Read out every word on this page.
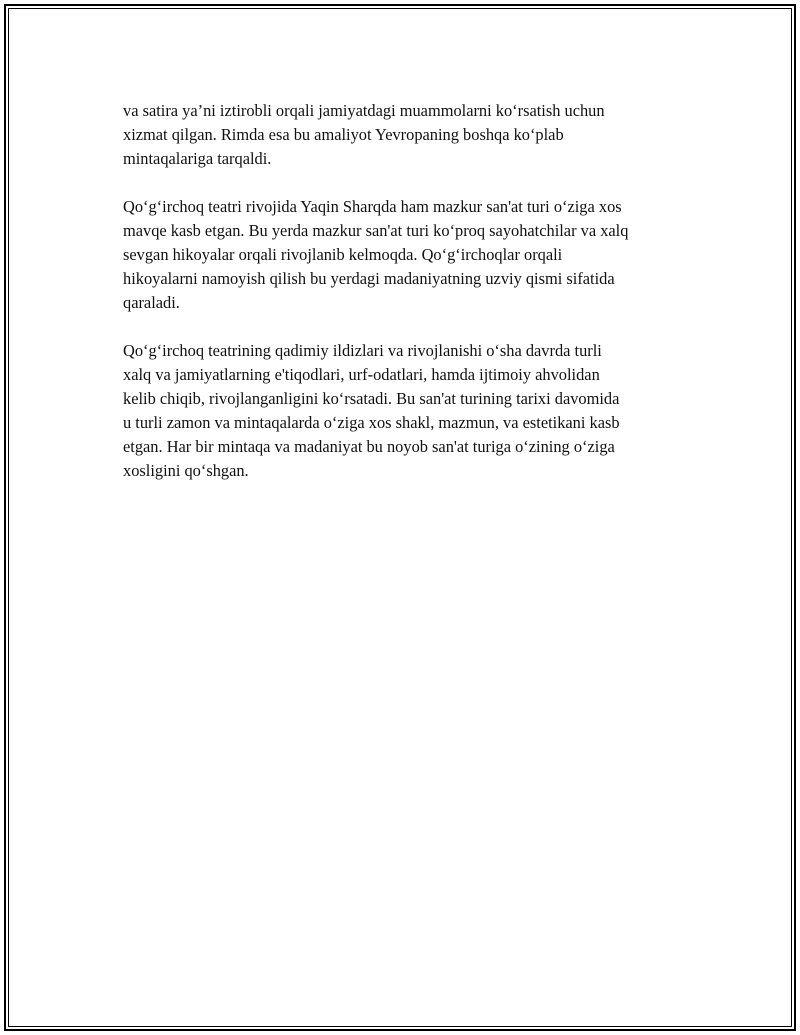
va satira ya’ni iztirobli orqali jamiyatdagi muammolarni ko‘rsatish uchun
xizmat qilgan. Rimda esa bu amaliyot Yevropaning boshqa ko‘plab
mintaqalariga tarqaldi.

Qo‘g‘irchoq teatri rivojida Yaqin Sharqda ham mazkur san'at turi o‘ziga xos
mavqe kasb etgan. Bu yerda mazkur san'at turi ko‘proq sayohatchilar va xalq
sevgan hikoyalar orqali rivojlanib kelmoqda. Qo‘g‘irchoqlar orqali
hikoyalarni namoyish qilish bu yerdagi madaniyatning uzviy qismi sifatida
qaraladi.

Qo‘g‘irchoq teatrining qadimiy ildizlari va rivojlanishi o‘sha davrda turli
xalq va jamiyatlarning e'tiqodlari, urf-odatlari, hamda ijtimoiy ahvolidan
kelib chiqib, rivojlanganligini ko‘rsatadi. Bu san'at turining tarixi davomida
u turli zamon va mintaqalarda o‘ziga xos shakl, mazmun, va estetikani kasb
etgan. Har bir mintaqa va madaniyat bu noyob san'at turiga o‘zining o‘ziga
xosligini qo‘shgan.
